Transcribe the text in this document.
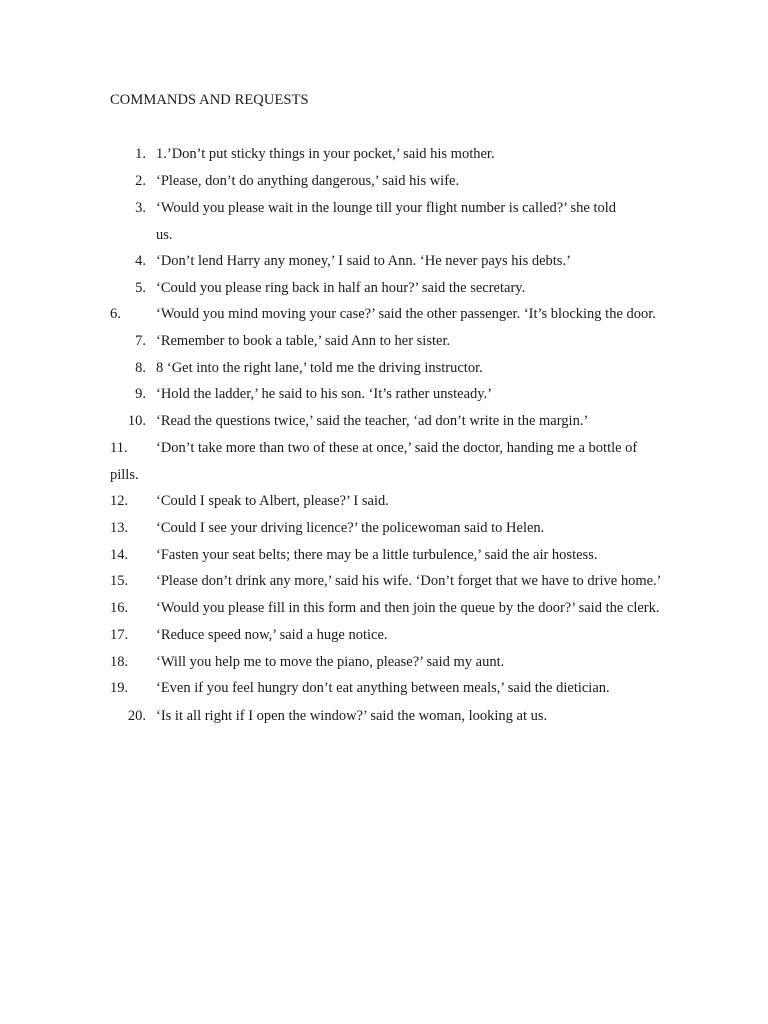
COMMANDS AND REQUESTS
1. 1.’Don’t put sticky things in your pocket,’ said his mother.
2. ‘Please, don’t do anything dangerous,’ said his wife.
3. ‘Would you please wait in the lounge till your flight number is called?’ she told
us.
4. ‘Don’t lend Harry any money,’ I said to Ann. ‘He never pays his debts.’
5. ‘Could you please ring back in half an hour?’ said the secretary.
6. ‘Would you mind moving your case?’ said the other passenger. ‘It’s blocking the door.
7. ‘Remember to book a table,’ said Ann to her sister.
8. 8 ‘Get into the right lane,’ told me the driving instructor.
9. ‘Hold the ladder,’ he said to his son. ‘It’s rather unsteady.’
10. ‘Read the questions twice,’ said the teacher, ‘ad don’t write in the margin.’
11. ‘Don’t take more than two of these at once,’ said the doctor, handing me a bottle of
pills.
12. ‘Could I speak to Albert, please?’ I said.
13. ‘Could I see your driving licence?’ the policewoman said to Helen.
14. ‘Fasten your seat belts; there may be a little turbulence,’ said the air hostess.
15. ‘Please don’t drink any more,’ said his wife. ‘Don’t forget that we have to drive home.’
16. ‘Would you please fill in this form and then join the queue by the door?’ said the clerk.
17. ‘Reduce speed now,’ said a huge notice.
18. ‘Will you help me to move the piano, please?’ said my aunt.
19. ‘Even if you feel hungry don’t eat anything between meals,’ said the dietician.
20. ‘Is it all right if I open the window?’ said the woman, looking at us.
